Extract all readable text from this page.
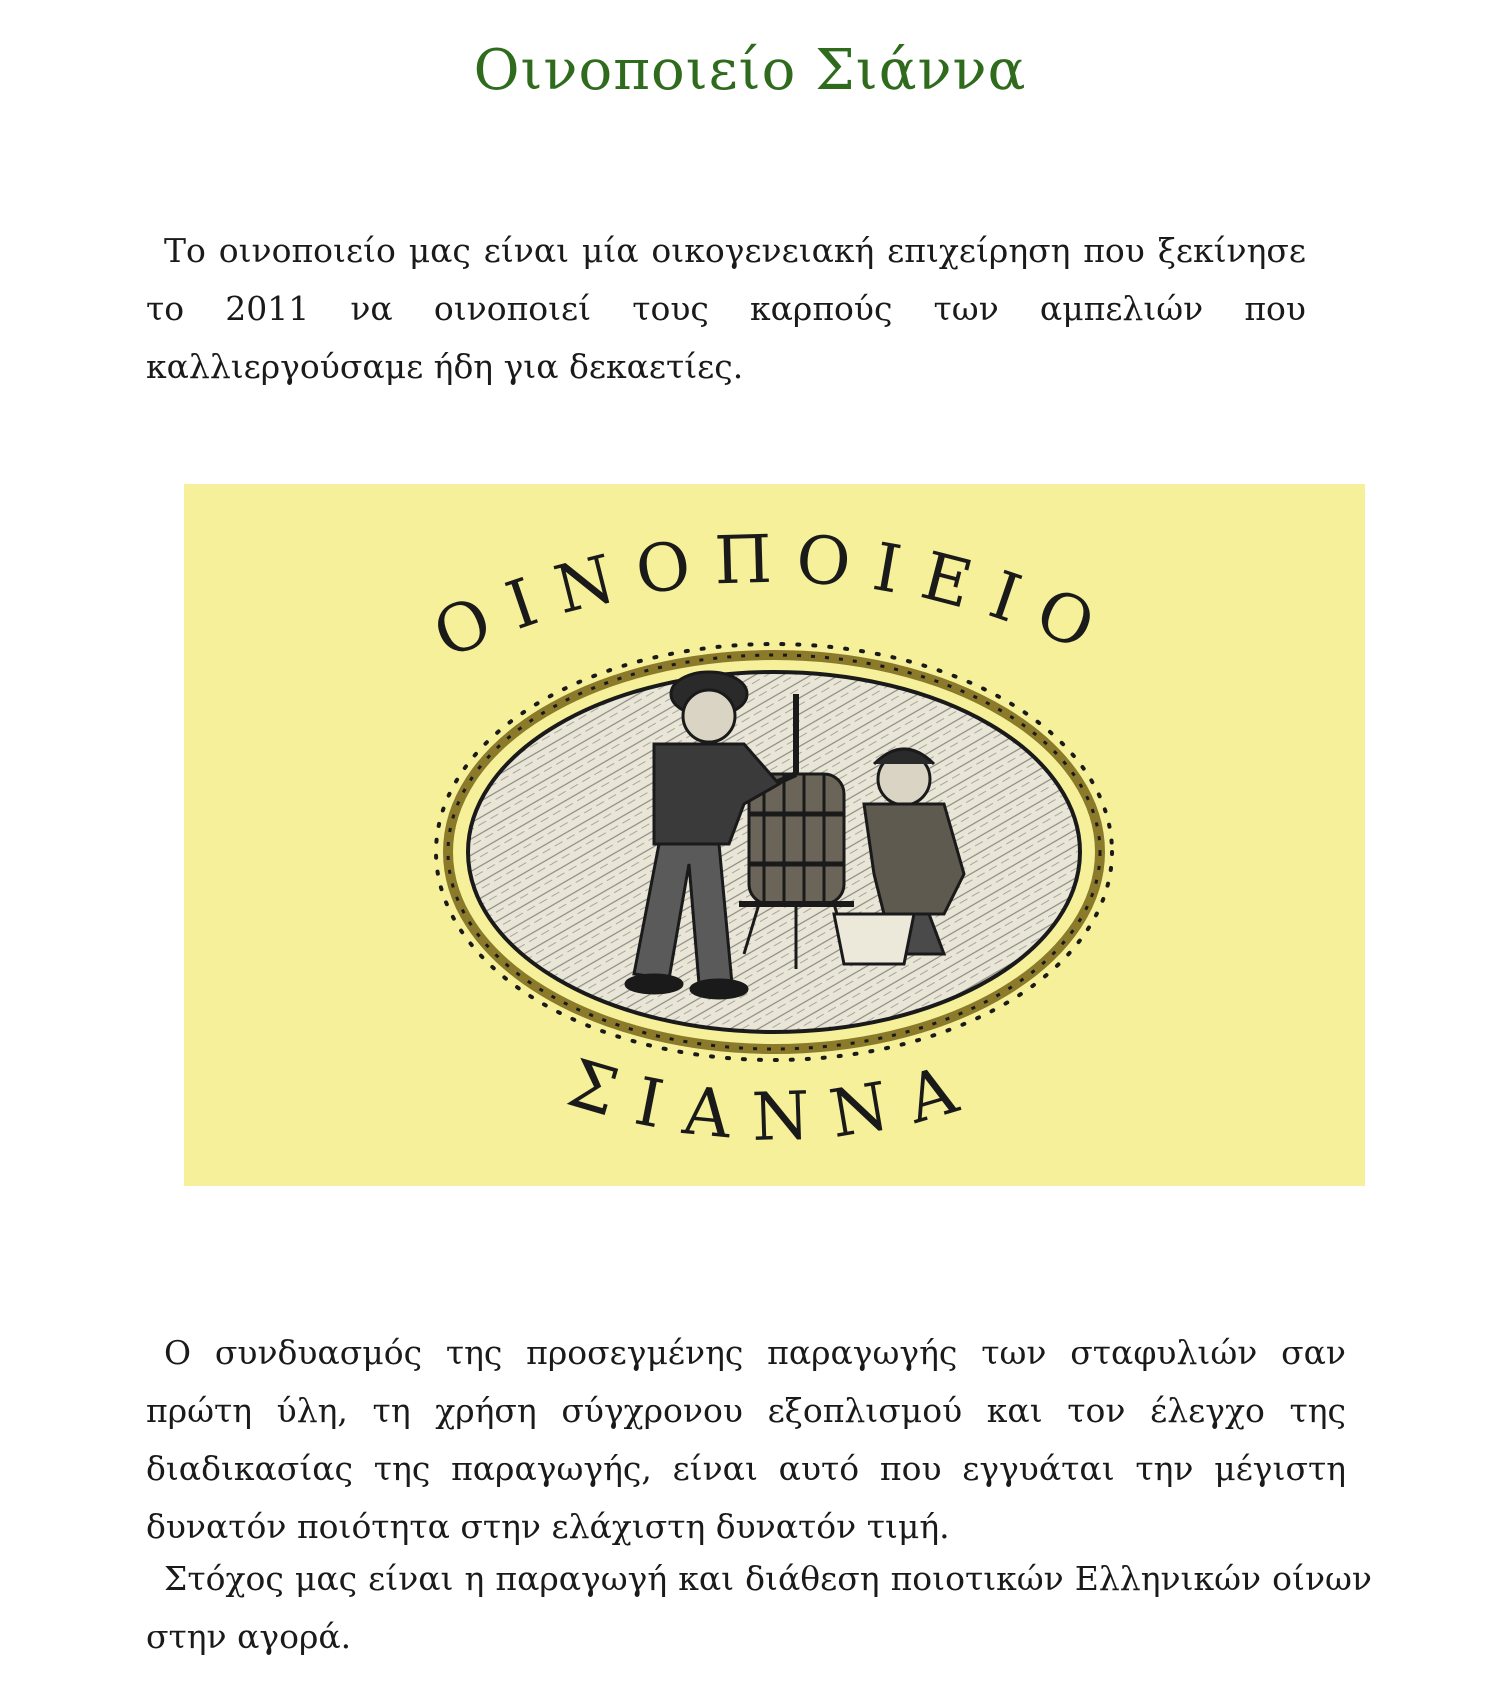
Οινοποιείο Σιάννα

Το οινοποιείο μας είναι μία οικογενειακή επιχείρηση που ξεκίνησε το 2011 να οινοποιεί τους καρπούς των αμπελιών που καλλιεργούσαμε ήδη για δεκαετίες.

ΟΙΝΟΠΟΙΕΙΟ
ΣΙΑΝΝΑ

Ο συνδυασμός της προσεγμένης παραγωγής των σταφυλιών σαν πρώτη ύλη, τη χρήση σύγχρονου εξοπλισμού και τον έλεγχο της διαδικασίας της παραγωγής, είναι αυτό που εγγυάται την μέγιστη δυνατόν ποιότητα στην ελάχιστη δυνατόν τιμή.

Στόχος μας είναι η παραγωγή και διάθεση ποιοτικών Ελληνικών οίνων στην αγορά.
